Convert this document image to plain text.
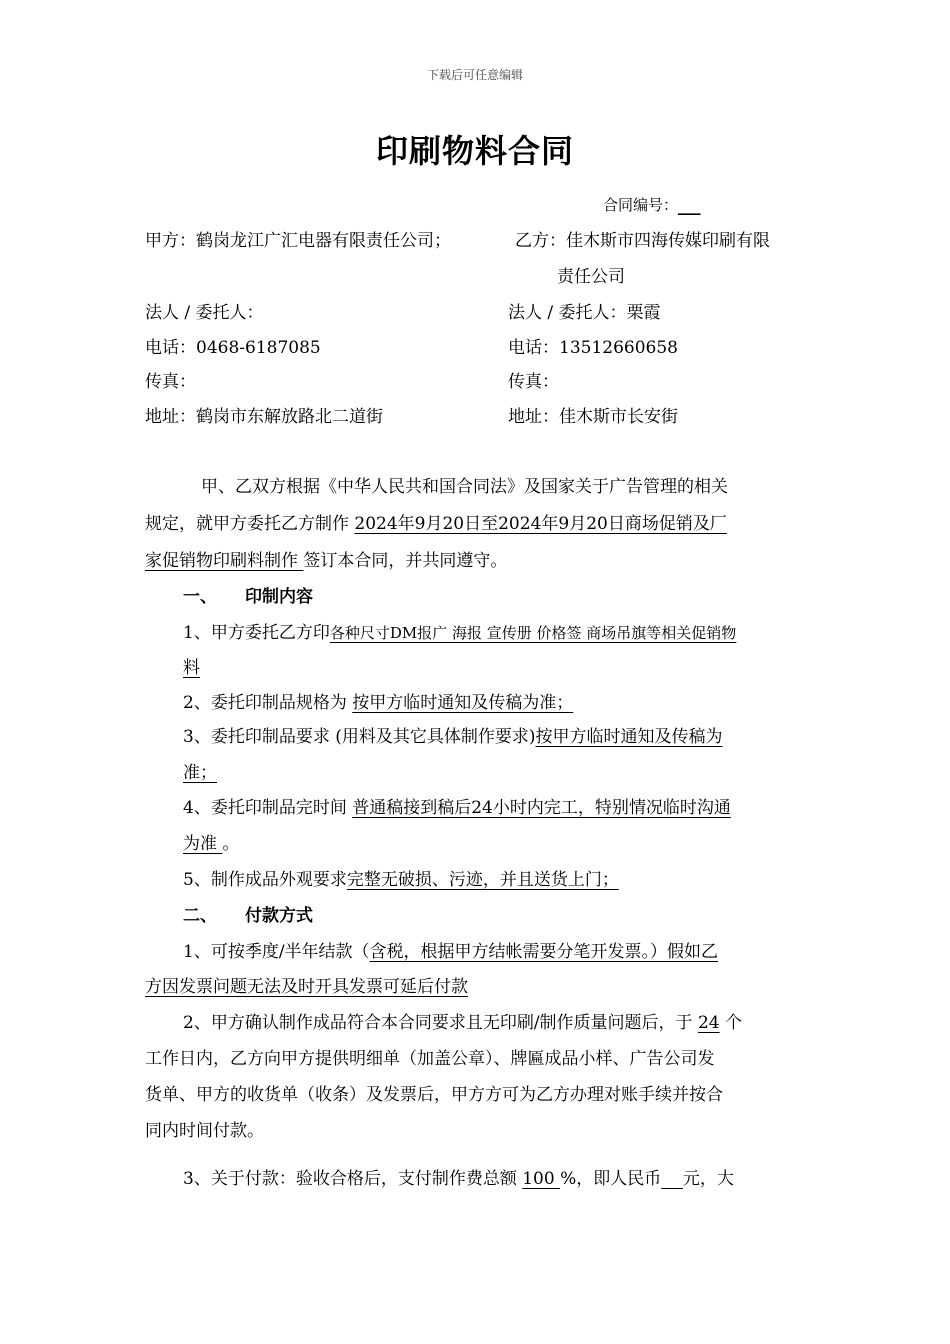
下载后可任意编辑
印刷物料合同
合同编号：___
甲方：鹤岗龙江广汇电器有限责任公司；
法人 / 委托人：
电话：0468-6187085
传真：
地址：鹤岗市东解放路北二道街
乙方：佳木斯市四海传媒印刷有限
责任公司
法人 / 委托人：栗霞
电话：13512660658
传真：
地址：佳木斯市长安街
甲、乙双方根据《中华人民共和国合同法》及国家关于广告管理的相关
规定，就甲方委托乙方制作 2024年9月20日至2024年9月20日商场促销及厂
家促销物印刷料制作 签订本合同，并共同遵守。
一、 印制内容
1、甲方委托乙方印各种尺寸DM报广 海报 宣传册 价格签 商场吊旗等相关促销物
料
2、委托印制品规格为 按甲方临时通知及传稿为准；
3、委托印制品要求 (用料及其它具体制作要求)按甲方临时通知及传稿为
准；
4、委托印制品完时间 普通稿接到稿后24小时内完工，特别情况临时沟通
为准 。
5、制作成品外观要求完整无破损、污迹，并且送货上门；
二、 付款方式
1、可按季度/半年结款（含税，根据甲方结帐需要分笔开发票。）假如乙
方因发票问题无法及时开具发票可延后付款
2、甲方确认制作成品符合本合同要求且无印刷/制作质量问题后，于 24 个
工作日内，乙方向甲方提供明细单（加盖公章）、牌匾成品小样、广告公司发
货单、甲方的收货单（收条）及发票后，甲方方可为乙方办理对账手续并按合
同内时间付款。
3、关于付款：验收合格后，支付制作费总额 100 %，即人民币 元，大
